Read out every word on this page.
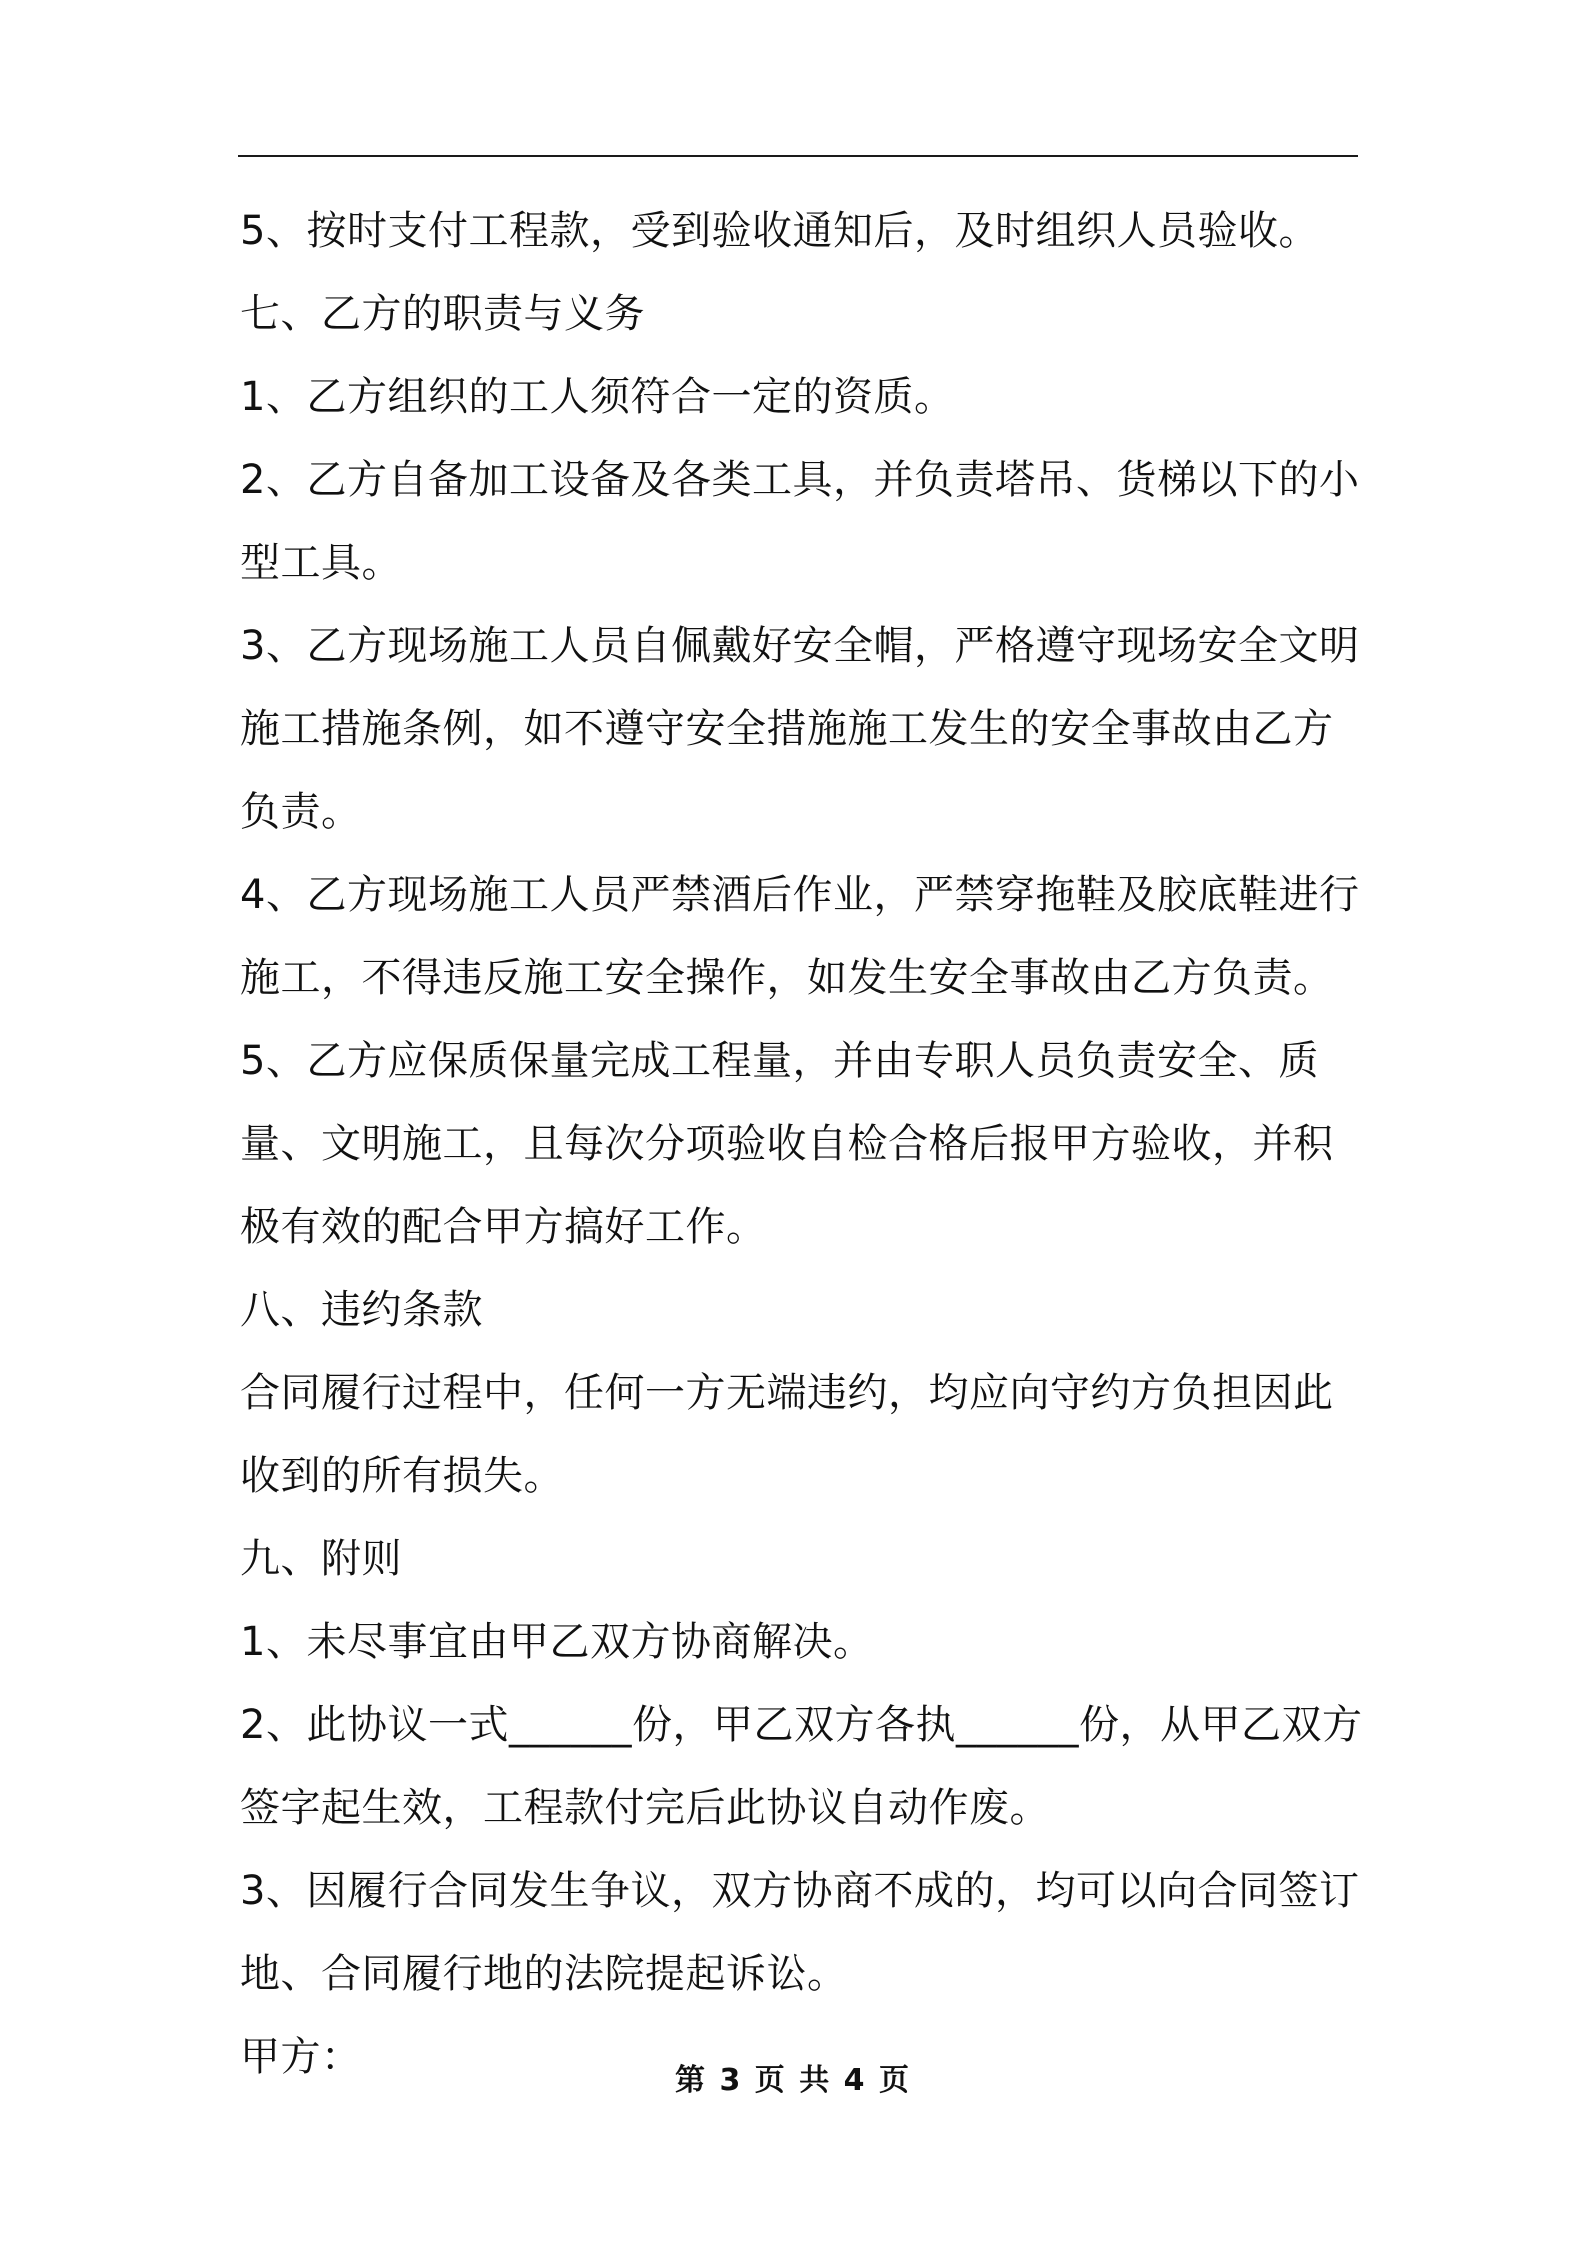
5、按时支付工程款，受到验收通知后，及时组织人员验收。

七、乙方的职责与义务

1、乙方组织的工人须符合一定的资质。

2、乙方自备加工设备及各类工具，并负责塔吊、货梯以下的小型工具。

3、乙方现场施工人员自佩戴好安全帽，严格遵守现场安全文明施工措施条例，如不遵守安全措施施工发生的安全事故由乙方负责。

4、乙方现场施工人员严禁酒后作业，严禁穿拖鞋及胶底鞋进行施工，不得违反施工安全操作，如发生安全事故由乙方负责。

5、乙方应保质保量完成工程量，并由专职人员负责安全、质量、文明施工，且每次分项验收自检合格后报甲方验收，并积极有效的配合甲方搞好工作。

八、违约条款

合同履行过程中，任何一方无端违约，均应向守约方负担因此收到的所有损失。

九、附则

1、未尽事宜由甲乙双方协商解决。

2、此协议一式______份，甲乙双方各执______份，从甲乙双方签字起生效，工程款付完后此协议自动作废。

3、因履行合同发生争议，双方协商不成的，均可以向合同签订地、合同履行地的法院提起诉讼。

甲方：

第 3 页 共 4 页
